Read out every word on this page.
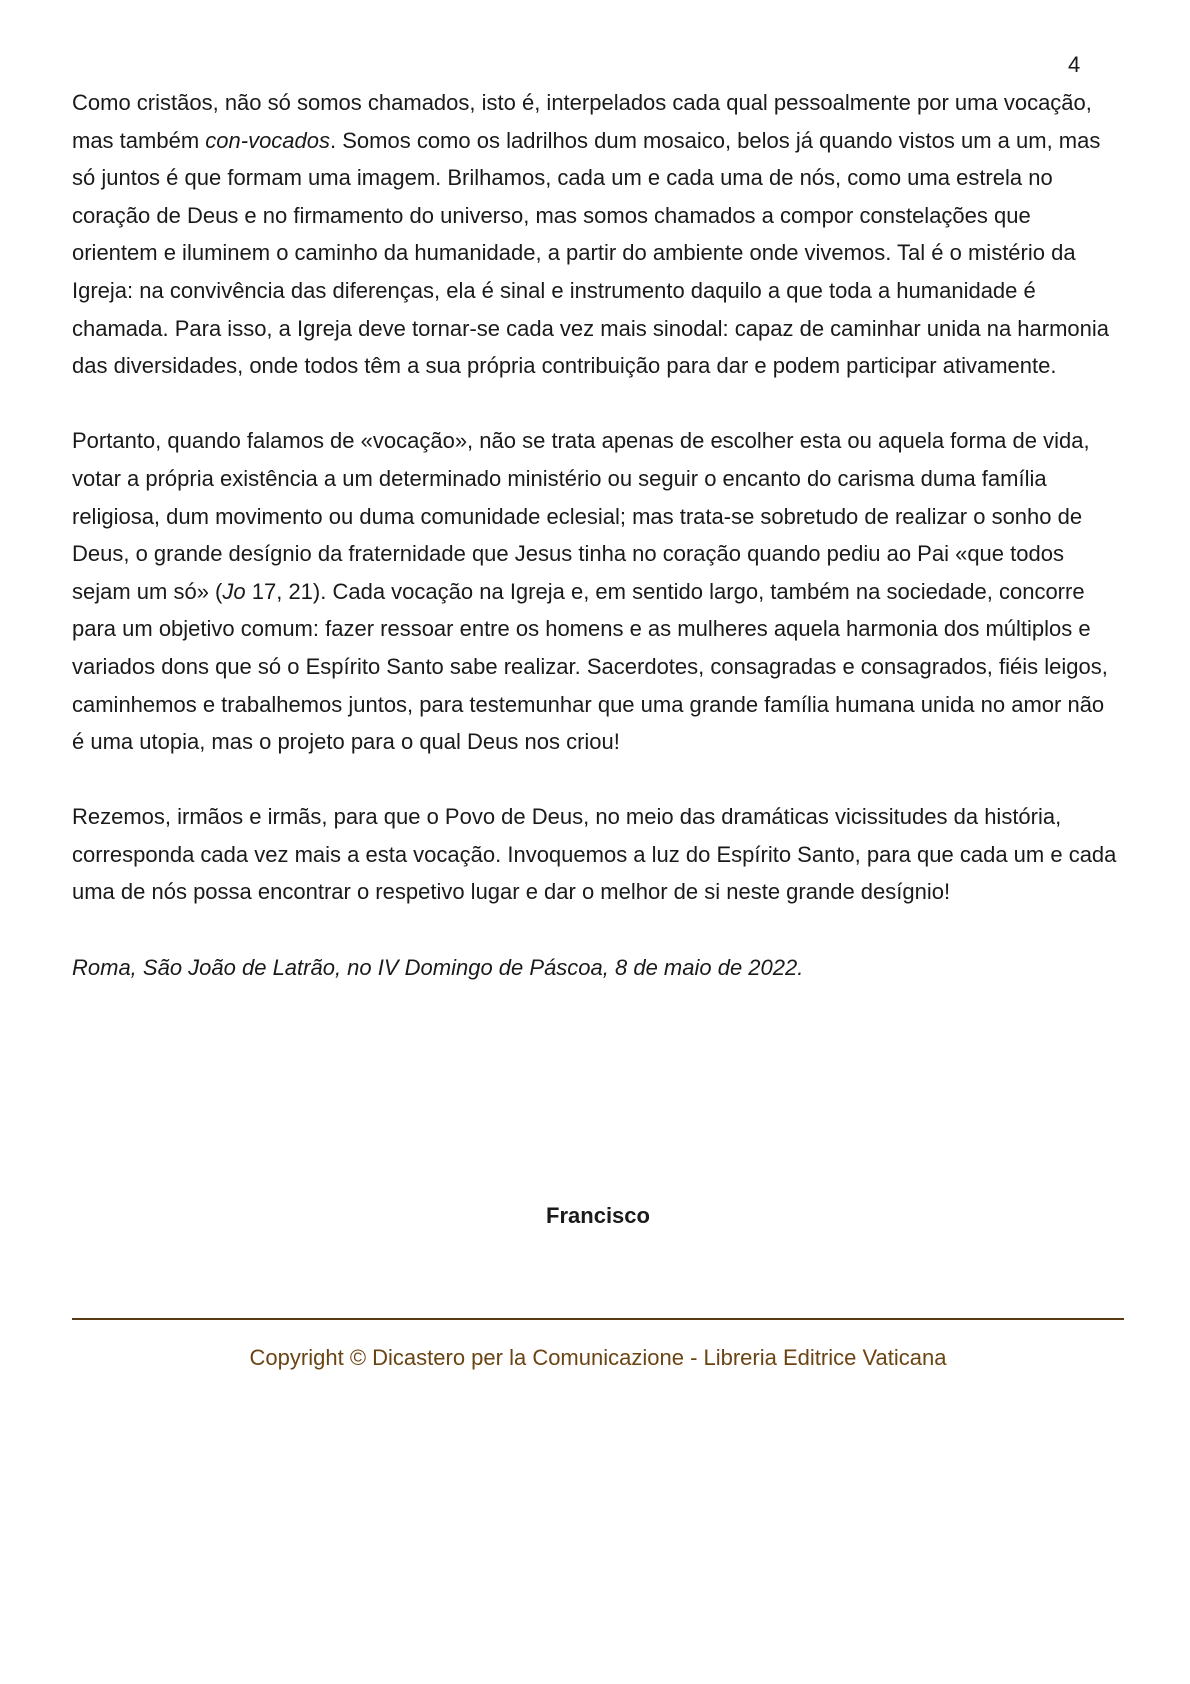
4

Como cristãos, não só somos chamados, isto é, interpelados cada qual pessoalmente por uma vocação, mas também con-vocados. Somos como os ladrilhos dum mosaico, belos já quando vistos um a um, mas só juntos é que formam uma imagem. Brilhamos, cada um e cada uma de nós, como uma estrela no coração de Deus e no firmamento do universo, mas somos chamados a compor constelações que orientem e iluminem o caminho da humanidade, a partir do ambiente onde vivemos. Tal é o mistério da Igreja: na convivência das diferenças, ela é sinal e instrumento daquilo a que toda a humanidade é chamada. Para isso, a Igreja deve tornar-se cada vez mais sinodal: capaz de caminhar unida na harmonia das diversidades, onde todos têm a sua própria contribuição para dar e podem participar ativamente.

Portanto, quando falamos de «vocação», não se trata apenas de escolher esta ou aquela forma de vida, votar a própria existência a um determinado ministério ou seguir o encanto do carisma duma família religiosa, dum movimento ou duma comunidade eclesial; mas trata-se sobretudo de realizar o sonho de Deus, o grande desígnio da fraternidade que Jesus tinha no coração quando pediu ao Pai «que todos sejam um só» (Jo 17, 21). Cada vocação na Igreja e, em sentido largo, também na sociedade, concorre para um objetivo comum: fazer ressoar entre os homens e as mulheres aquela harmonia dos múltiplos e variados dons que só o Espírito Santo sabe realizar. Sacerdotes, consagradas e consagrados, fiéis leigos, caminhemos e trabalhemos juntos, para testemunhar que uma grande família humana unida no amor não é uma utopia, mas o projeto para o qual Deus nos criou!

Rezemos, irmãos e irmãs, para que o Povo de Deus, no meio das dramáticas vicissitudes da história, corresponda cada vez mais a esta vocação. Invoquemos a luz do Espírito Santo, para que cada um e cada uma de nós possa encontrar o respetivo lugar e dar o melhor de si neste grande desígnio!

Roma, São João de Latrão, no IV Domingo de Páscoa, 8 de maio de 2022.

Francisco
Copyright © Dicastero per la Comunicazione - Libreria Editrice Vaticana
